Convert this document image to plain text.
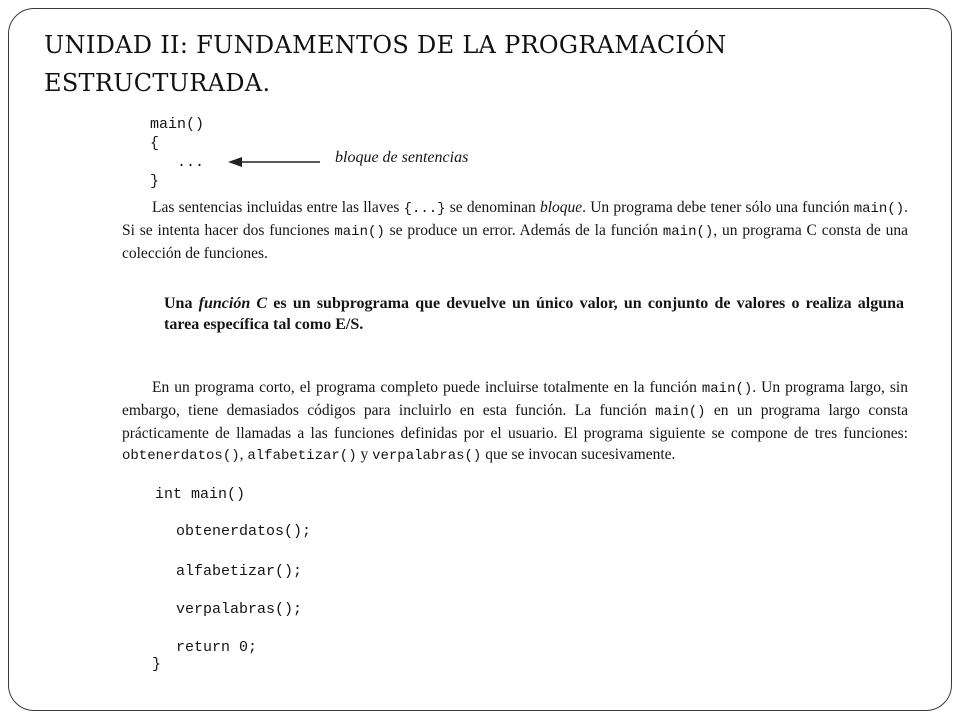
UNIDAD II: FUNDAMENTOS DE LA PROGRAMACIÓN
ESTRUCTURADA.
main()
{
...
}
bloque de sentencias
Las sentencias incluidas entre las llaves {...} se denominan bloque. Un programa debe tener sólo una función main(). Si se intenta hacer dos funciones main() se produce un error. Además de la función main(), un programa C consta de una colección de funciones.
Una función C es un subprograma que devuelve un único valor, un conjunto de valores o realiza alguna tarea específica tal como E/S.
En un programa corto, el programa completo puede incluirse totalmente en la función main(). Un programa largo, sin embargo, tiene demasiados códigos para incluirlo en esta función. La función main() en un programa largo consta prácticamente de llamadas a las funciones definidas por el usuario. El programa siguiente se compone de tres funciones: obtenerdatos(), alfabetizar() y verpalabras() que se invocan sucesivamente.
int main()
obtenerdatos();
alfabetizar();
verpalabras();
return 0;
}
